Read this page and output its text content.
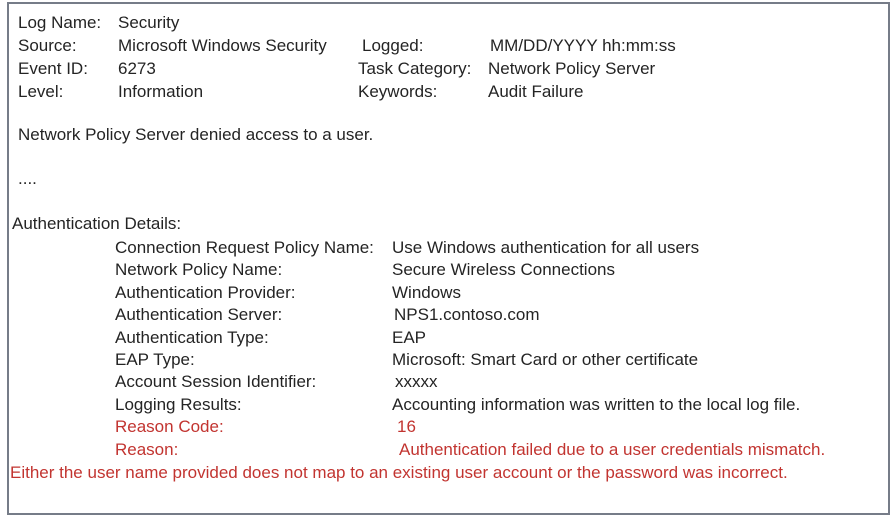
Log Name: Security
Source: Microsoft Windows Security Logged:	MM/DD/YYYY hh:mm:ss
Event ID: 6273	Task Category: Network Policy Server
Level:	Information	Keywords:	Audit Failure
Network Policy Server denied access to a user.
....
Authentication Details:
Connection Request Policy Name: Use Windows authentication for all users
Network Policy Name:	Secure Wireless Connections
Authentication Provider:	Windows
Authentication Server:	NPS1.contoso.com
Authentication Type:	EAP
EAP Type:	Microsoft: Smart Card or other certificate
Account Session Identifier:	xxxxx
Logging Results:	Accounting information was written to the local log file.
Reason Code:	16
Reason:	Authentication failed due to a user credentials mismatch.
Either the user name provided does not map to an existing user account or the password was incorrect.
